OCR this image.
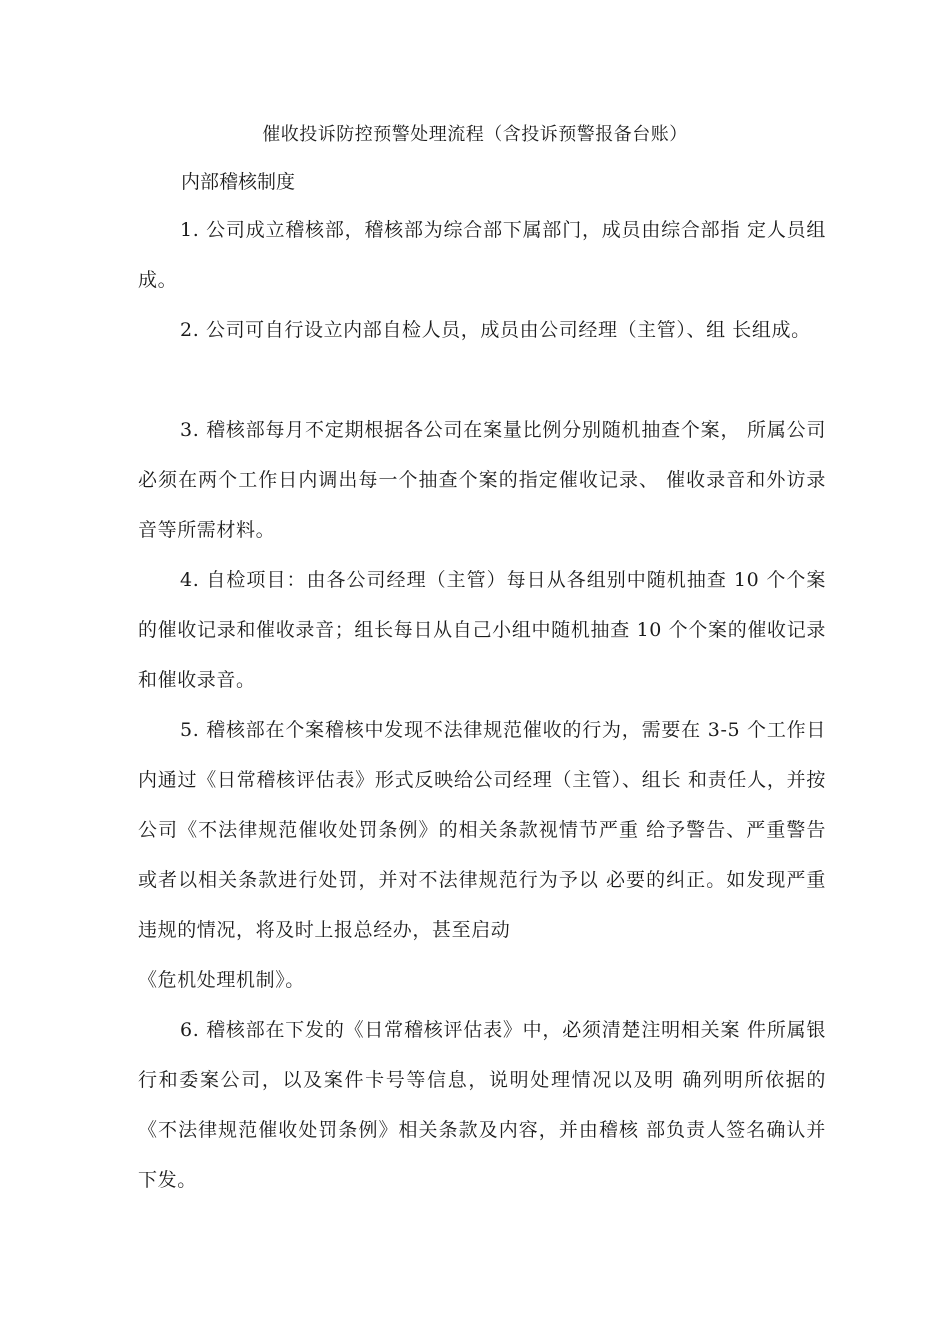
催收投诉防控预警处理流程（含投诉预警报备台账）
内部稽核制度

1. 公司成立稽核部，稽核部为综合部下属部门，成员由综合部指 定人员组成。

2. 公司可自行设立内部自检人员，成员由公司经理（主管）、组 长组成。

3. 稽核部每月不定期根据各公司在案量比例分别随机抽查个案， 所属公司必须在两个工作日内调出每一个抽查个案的指定催收记录、 催收录音和外访录音等所需材料。

4. 自检项目：由各公司经理（主管）每日从各组别中随机抽查 10 个个案的催收记录和催收录音；组长每日从自己小组中随机抽查 10 个个案的催收记录和催收录音。

5. 稽核部在个案稽核中发现不法律规范催收的行为，需要在 3-5 个工作日内通过《日常稽核评估表》形式反映给公司经理（主管）、组长 和责任人，并按公司《不法律规范催收处罚条例》的相关条款视情节严重 给予警告、严重警告或者以相关条款进行处罚，并对不法律规范行为予以 必要的纠正。如发现严重违规的情况，将及时上报总经办，甚至启动

《危机处理机制》。

6. 稽核部在下发的《日常稽核评估表》中，必须清楚注明相关案 件所属银行和委案公司，以及案件卡号等信息，说明处理情况以及明 确列明所依据的《不法律规范催收处罚条例》相关条款及内容，并由稽核 部负责人签名确认并下发。
